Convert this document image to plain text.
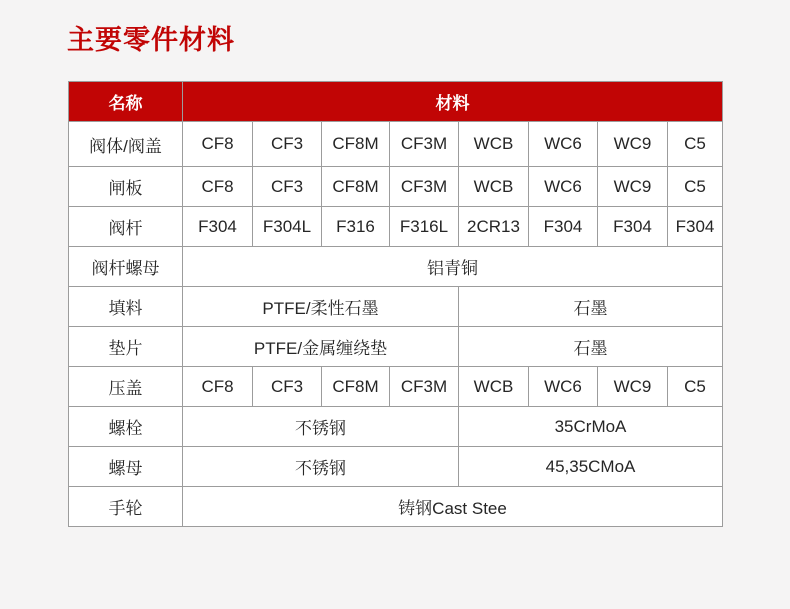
主要零件材料
名称	材料							
阀体/阀盖	CF8	CF3	CF8M	CF3M	WCB	WC6	WC9	C5
闸板	CF8	CF3	CF8M	CF3M	WCB	WC6	WC9	C5
阀杆	F304	F304L	F316	F316L	2CR13	F304	F304	F304
阀杆螺母	铝青铜							
填料	PTFE/柔性石墨				石墨			
垫片	PTFE/金属缠绕垫				石墨			
压盖	CF8	CF3	CF8M	CF3M	WCB	WC6	WC9	C5
螺栓	不锈钢				35CrMoA			
螺母	不锈钢				45,35CMoA			
手轮	铸钢Cast Stee							
